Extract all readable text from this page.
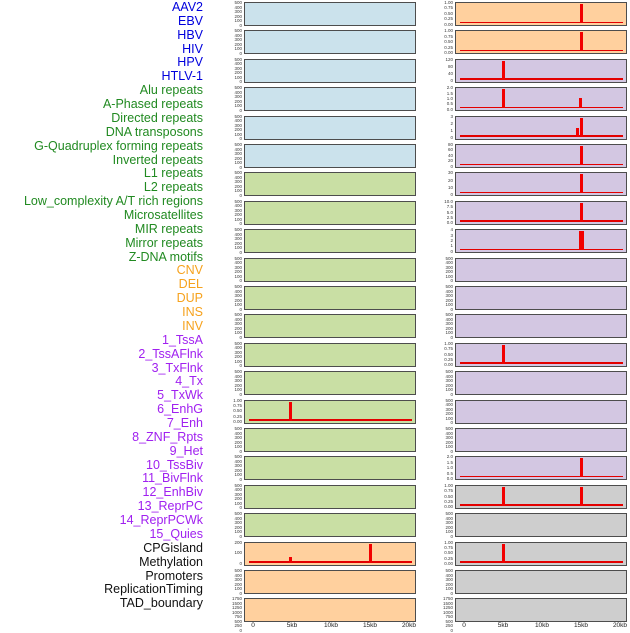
AAV2
EBV
HBV
HIV
HPV
HTLV-1
Alu repeats
A-Phased repeats
Directed repeats
DNA transposons
G-Quadruplex forming repeats
Inverted repeats
L1 repeats
L2 repeats
Low_complexity A/T rich regions
Microsatellites
MIR repeats
Mirror repeats
Z-DNA motifs
CNV
DEL
DUP
INS
INV
1_TssA
2_TssAFlnk
3_TxFlnk
4_Tx
5_TxWk
6_EnhG
7_Enh
8_ZNF_Rpts
9_Het
10_TssBiv
11_BivFlnk
12_EnhBiv
13_ReprPC
14_ReprPCWk
15_Quies
CPGisland
Methylation
Promoters
ReplicationTiming
TAD_boundary
500
400
300
200
100
0
500
400
300
200
100
0
500
400
300
200
100
0
500
400
300
200
100
0
500
400
300
200
100
0
500
400
300
200
100
0
500
400
300
200
100
0
500
400
300
200
100
0
500
400
300
200
100
0
500
400
300
200
100
0
500
400
300
200
100
0
500
400
300
200
100
0
500
400
300
200
100
0
500
400
300
200
100
0
1.00
0.75
0.50
0.25
0.00
500
400
300
200
100
0
500
400
300
200
100
0
500
400
300
200
100
0
500
400
300
200
100
0
200
100
0
500
400
300
200
100
0
1750
1500
1250
1000
750
500
250
0
1.00
0.75
0.50
0.25
0.00
1.00
0.75
0.50
0.25
0.00
120
80
40
0
2.0
1.5
1.0
0.5
0.0
3
2
1
0
80
60
40
20
0
30
20
10
0
10.0
7.5
5.0
2.5
0.0
4
3
2
1
0
500
400
300
200
100
0
500
400
300
200
100
0
500
400
300
200
100
0
1.00
0.75
0.50
0.25
0.00
500
400
300
200
100
0
500
400
300
200
100
0
500
400
300
200
100
0
2.0
1.5
1.0
0.5
0.0
1.00
0.75
0.50
0.25
0.00
500
400
300
200
100
0
1.00
0.75
0.50
0.25
0.00
500
400
300
200
100
0
1750
1500
1250
1000
750
500
250
0
0	5kb	10kb	15kb	20kb	0	5kb	10kb	15kb	20kb
